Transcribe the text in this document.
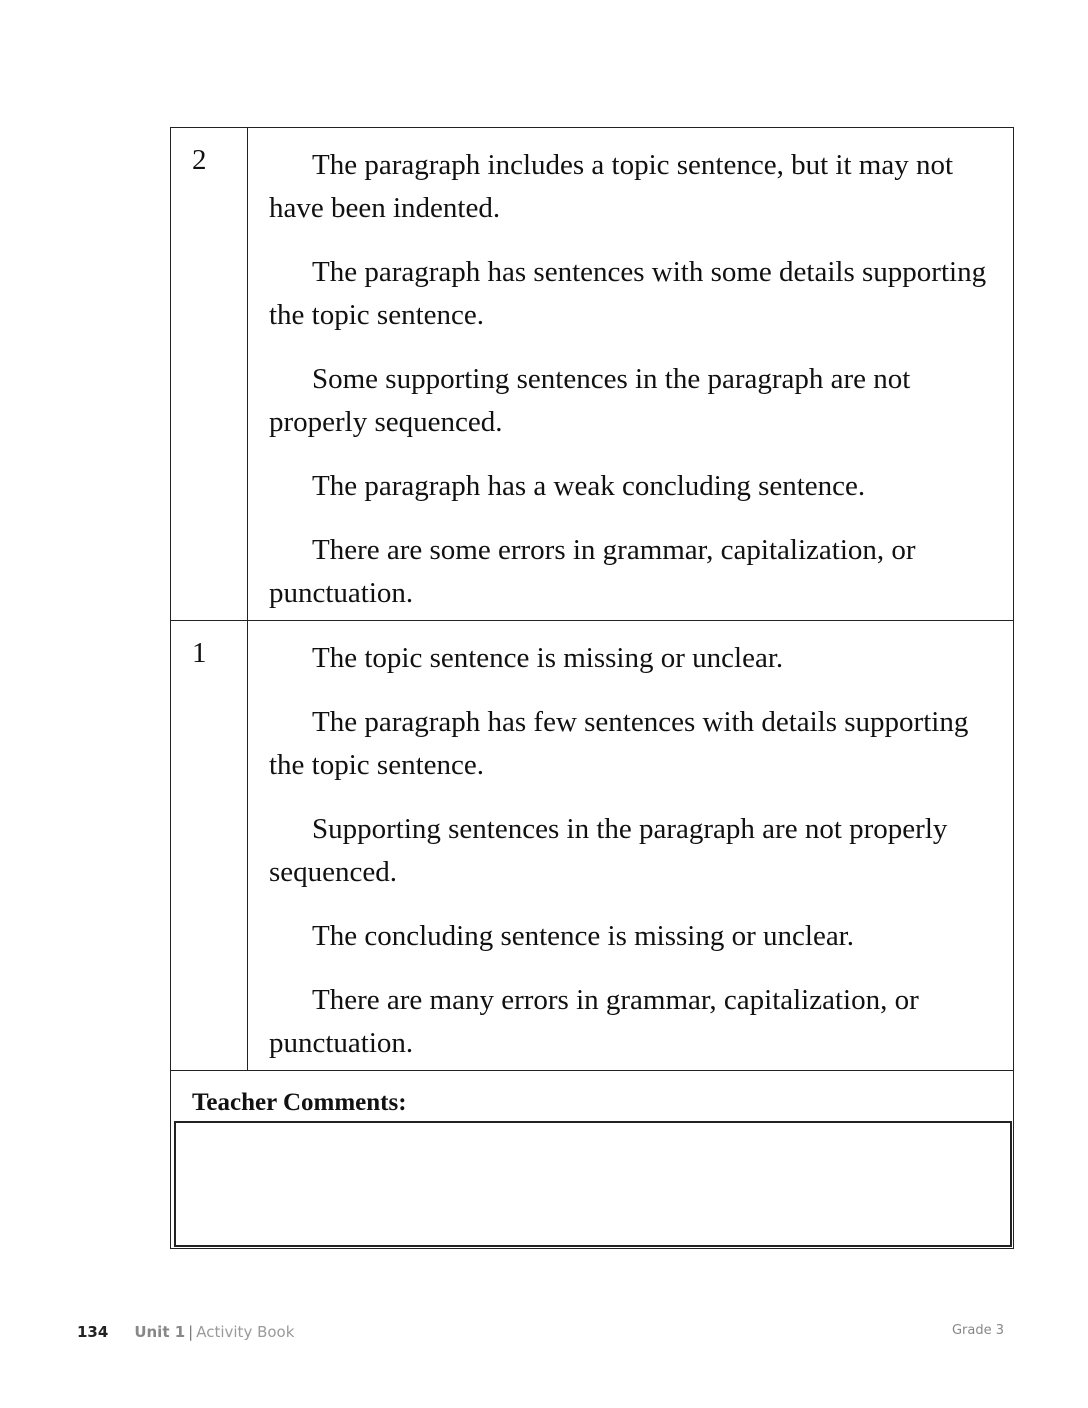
2	The paragraph includes a topic sentence, but it may not have been indented.

The paragraph has sentences with some details supporting the topic sentence.

Some supporting sentences in the paragraph are not properly sequenced.

The paragraph has a weak concluding sentence.

There are some errors in grammar, capitalization, or punctuation.

1	The topic sentence is missing or unclear.

The paragraph has few sentences with details supporting the topic sentence.

Supporting sentences in the paragraph are not properly sequenced.

The concluding sentence is missing or unclear.

There are many errors in grammar, capitalization, or punctuation.

Teacher Comments:
134 Unit 1 | Activity Book	Grade 3
